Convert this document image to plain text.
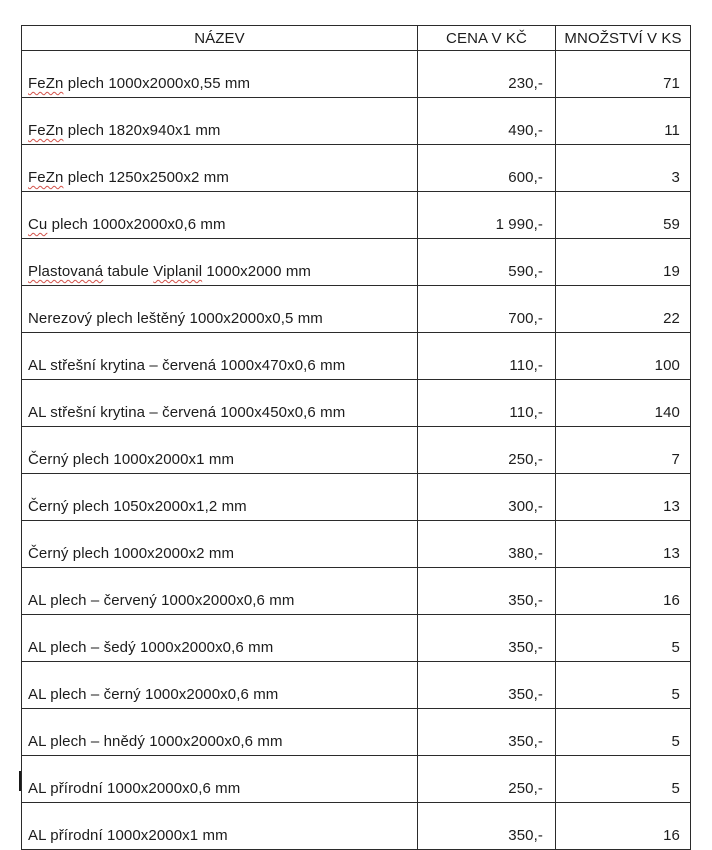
NÁZEV	CENA V KČ	MNOŽSTVÍ V KS
FeZn plech 1000x2000x0,55 mm	230,-	71
FeZn plech 1820x940x1 mm	490,-	11
FeZn plech 1250x2500x2 mm	600,-	3
Cu plech 1000x2000x0,6 mm	1 990,-	59
Plastovaná tabule Viplanil 1000x2000 mm	590,-	19
Nerezový plech leštěný 1000x2000x0,5 mm	700,-	22
AL střešní krytina – červená 1000x470x0,6 mm	110,-	100
AL střešní krytina – červená 1000x450x0,6 mm	110,-	140
Černý plech 1000x2000x1 mm	250,-	7
Černý plech 1050x2000x1,2 mm	300,-	13
Černý plech 1000x2000x2 mm	380,-	13
AL plech – červený 1000x2000x0,6 mm	350,-	16
AL plech – šedý 1000x2000x0,6 mm	350,-	5
AL plech – černý 1000x2000x0,6 mm	350,-	5
AL plech – hnědý 1000x2000x0,6 mm	350,-	5
AL přírodní 1000x2000x0,6 mm	250,-	5
AL přírodní 1000x2000x1 mm	350,-	16
